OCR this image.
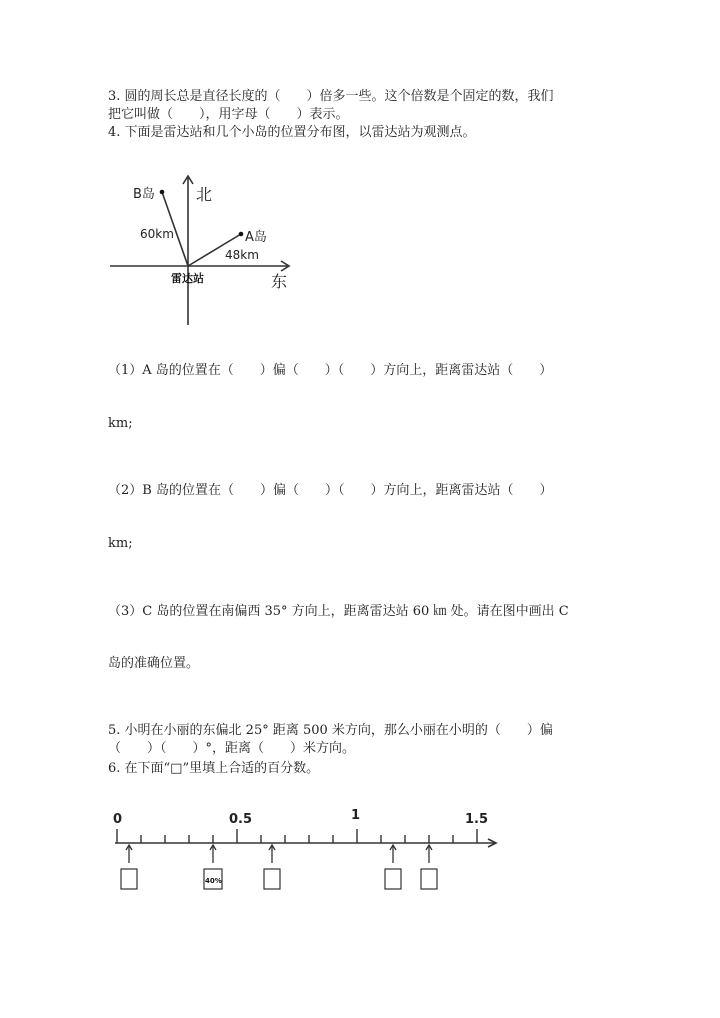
3. 圆的周长总是直径长度的（　　）倍多一些。这个倍数是个固定的数，我们
把它叫做（　　），用字母（　　）表示。
4. 下面是雷达站和几个小岛的位置分布图，以雷达站为观测点。
北
东
雷达站
B岛
A岛
60km
48km
（1）A 岛的位置在（　　）偏（　　）（　　）方向上，距离雷达站（　　）
km;
（2）B 岛的位置在（　　）偏（　　）（　　）方向上，距离雷达站（　　）
km;
（3）C 岛的位置在南偏西 35° 方向上，距离雷达站 60 ㎞ 处。请在图中画出 C
岛的准确位置。
5. 小明在小丽的东偏北 25° 距离 500 米方向，那么小丽在小明的（　　）偏
（　　）（　　）°，距离（　　）米方向。
6. 在下面“□”里填上合适的百分数。
0	0.5	1	1.5
40%
